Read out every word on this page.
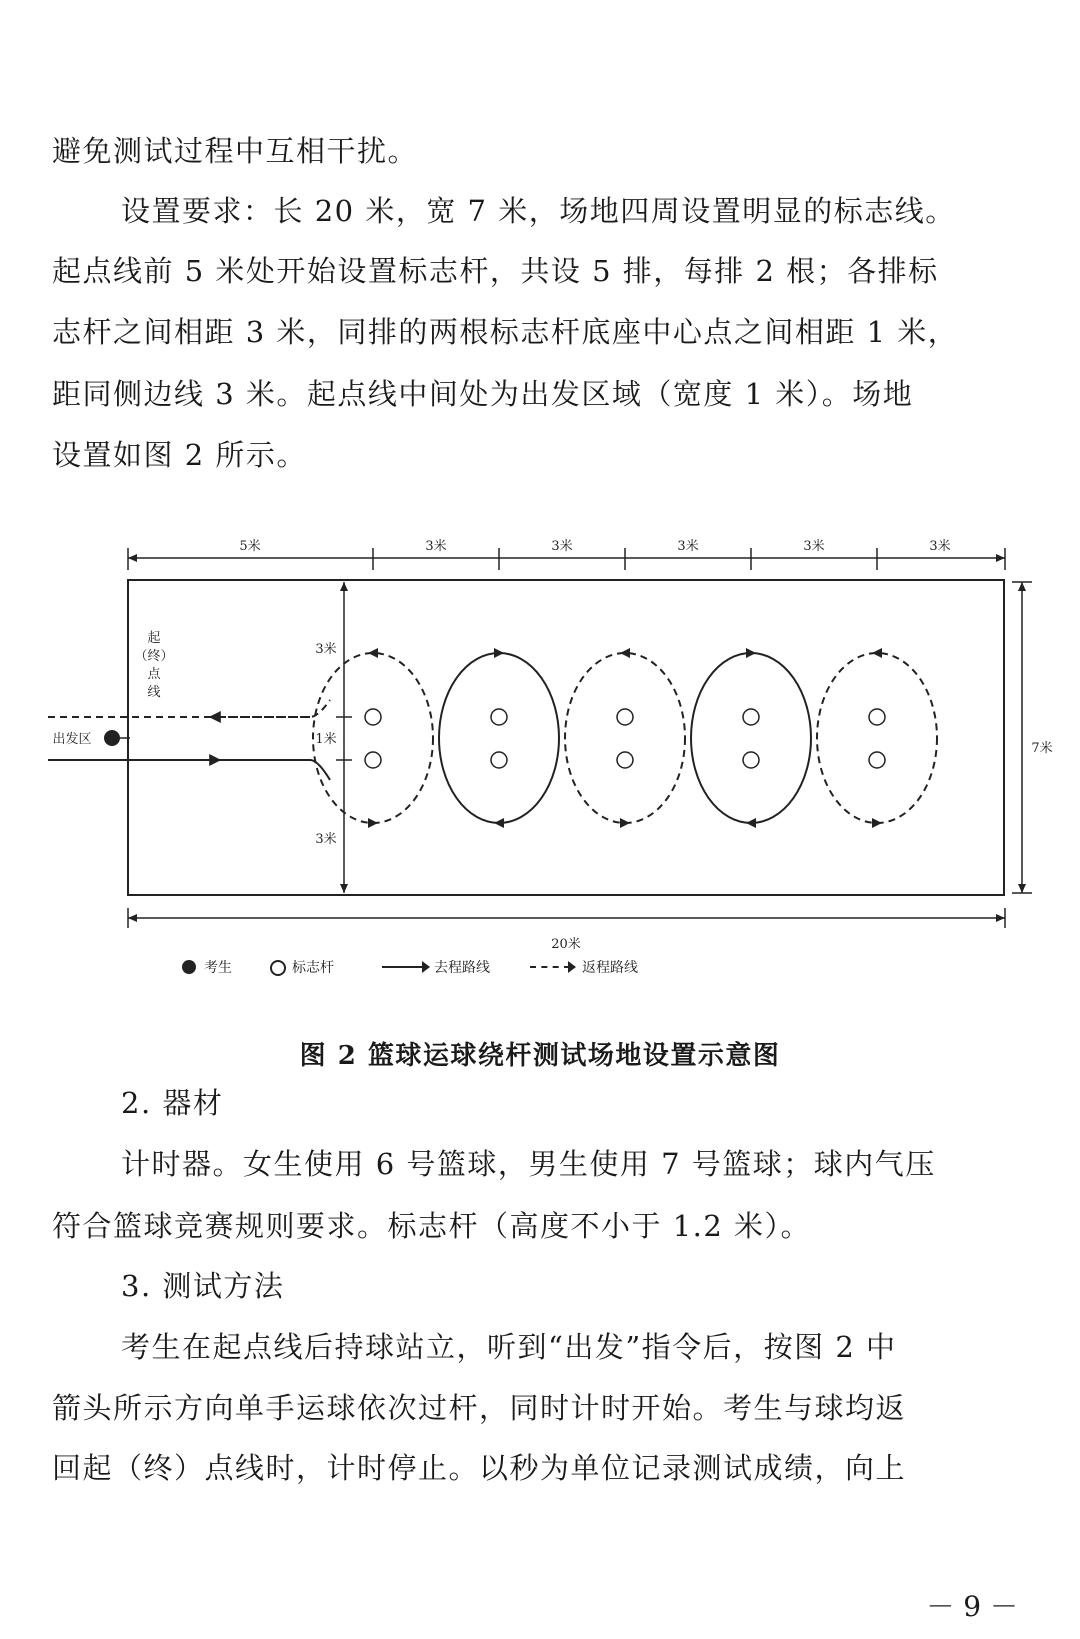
避免测试过程中互相干扰。

设置要求：长 20 米，宽 7 米，场地四周设置明显的标志线。

起点线前 5 米处开始设置标志杆，共设 5 排，每排 2 根；各排标

志杆之间相距 3 米，同排的两根标志杆底座中心点之间相距 1 米，

距同侧边线 3 米。起点线中间处为出发区域（宽度 1 米）。场地

设置如图 2 所示。

5米	3米	3米	3米	3米	3米
3米
1米
3米
7米
20米
起
（终）
点
线
出发区
考生	标志杆	去程路线	返程路线
图 2 篮球运球绕杆测试场地设置示意图

2. 器材

计时器。女生使用 6 号篮球，男生使用 7 号篮球；球内气压

符合篮球竞赛规则要求。标志杆（高度不小于 1.2 米）。

3. 测试方法

考生在起点线后持球站立，听到“出发”指令后，按图 2 中

箭头所示方向单手运球依次过杆，同时计时开始。考生与球均返

回起（终）点线时，计时停止。以秒为单位记录测试成绩，向上

－ 9 －
